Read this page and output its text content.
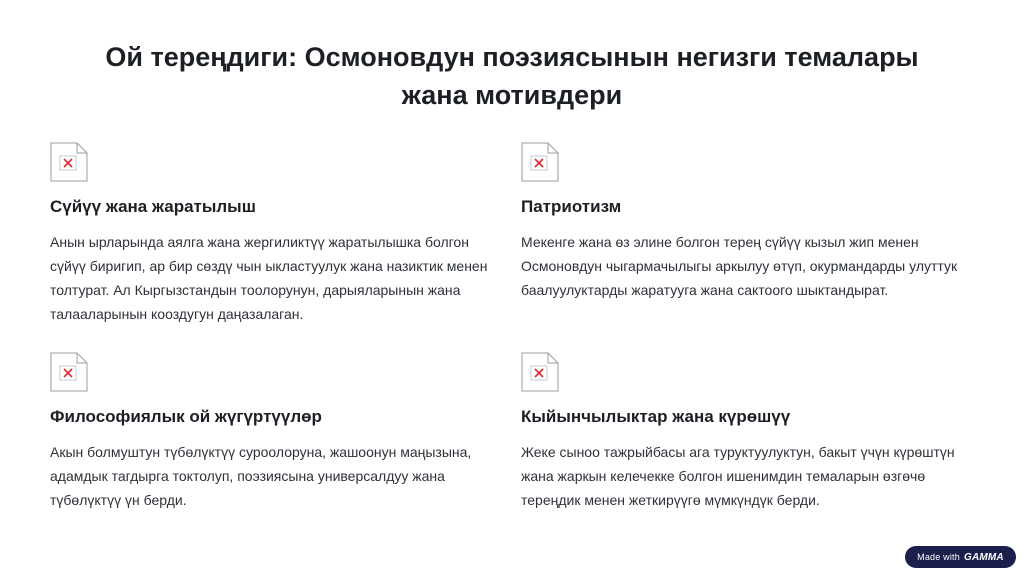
Ой тереңдиги: Осмоновдун поэзиясынын негизги темалары
жана мотивдери
Сүйүү жана жаратылыш

Анын ырларында аялга жана жергиликтүү жаратылышка болгон сүйүү биригип, ар бир сөздү чын ыкластуулук жана назиктик менен толтурат. Ал Кыргызстандын тоолорунун, дарыяларынын жана талааларынын кооздугун даңазалаган.

Патриотизм

Мекенге жана өз элине болгон терең сүйүү кызыл жип менен Осмоновдун чыгармачылыгы аркылуу өтүп, окурмандарды улуттук баалуулуктарды жаратууга жана сактоого шыктандырат.

Философиялык ой жүгүртүүлөр

Акын болмуштун түбөлүктүү суроолоруна, жашоонун маңызына, адамдык тагдырга токтолуп, поэзиясына универсалдуу жана түбөлүктүү үн берди.

Кыйынчылыктар жана күрөшүү

Жеке сыноо тажрыйбасы ага туруктуулуктун, бакыт үчүн күрөштүн жана жаркын келечекке болгон ишенимдин темаларын өзгөчө тереңдик менен жеткирүүгө мүмкүндүк берди.

Made with GAMMA
